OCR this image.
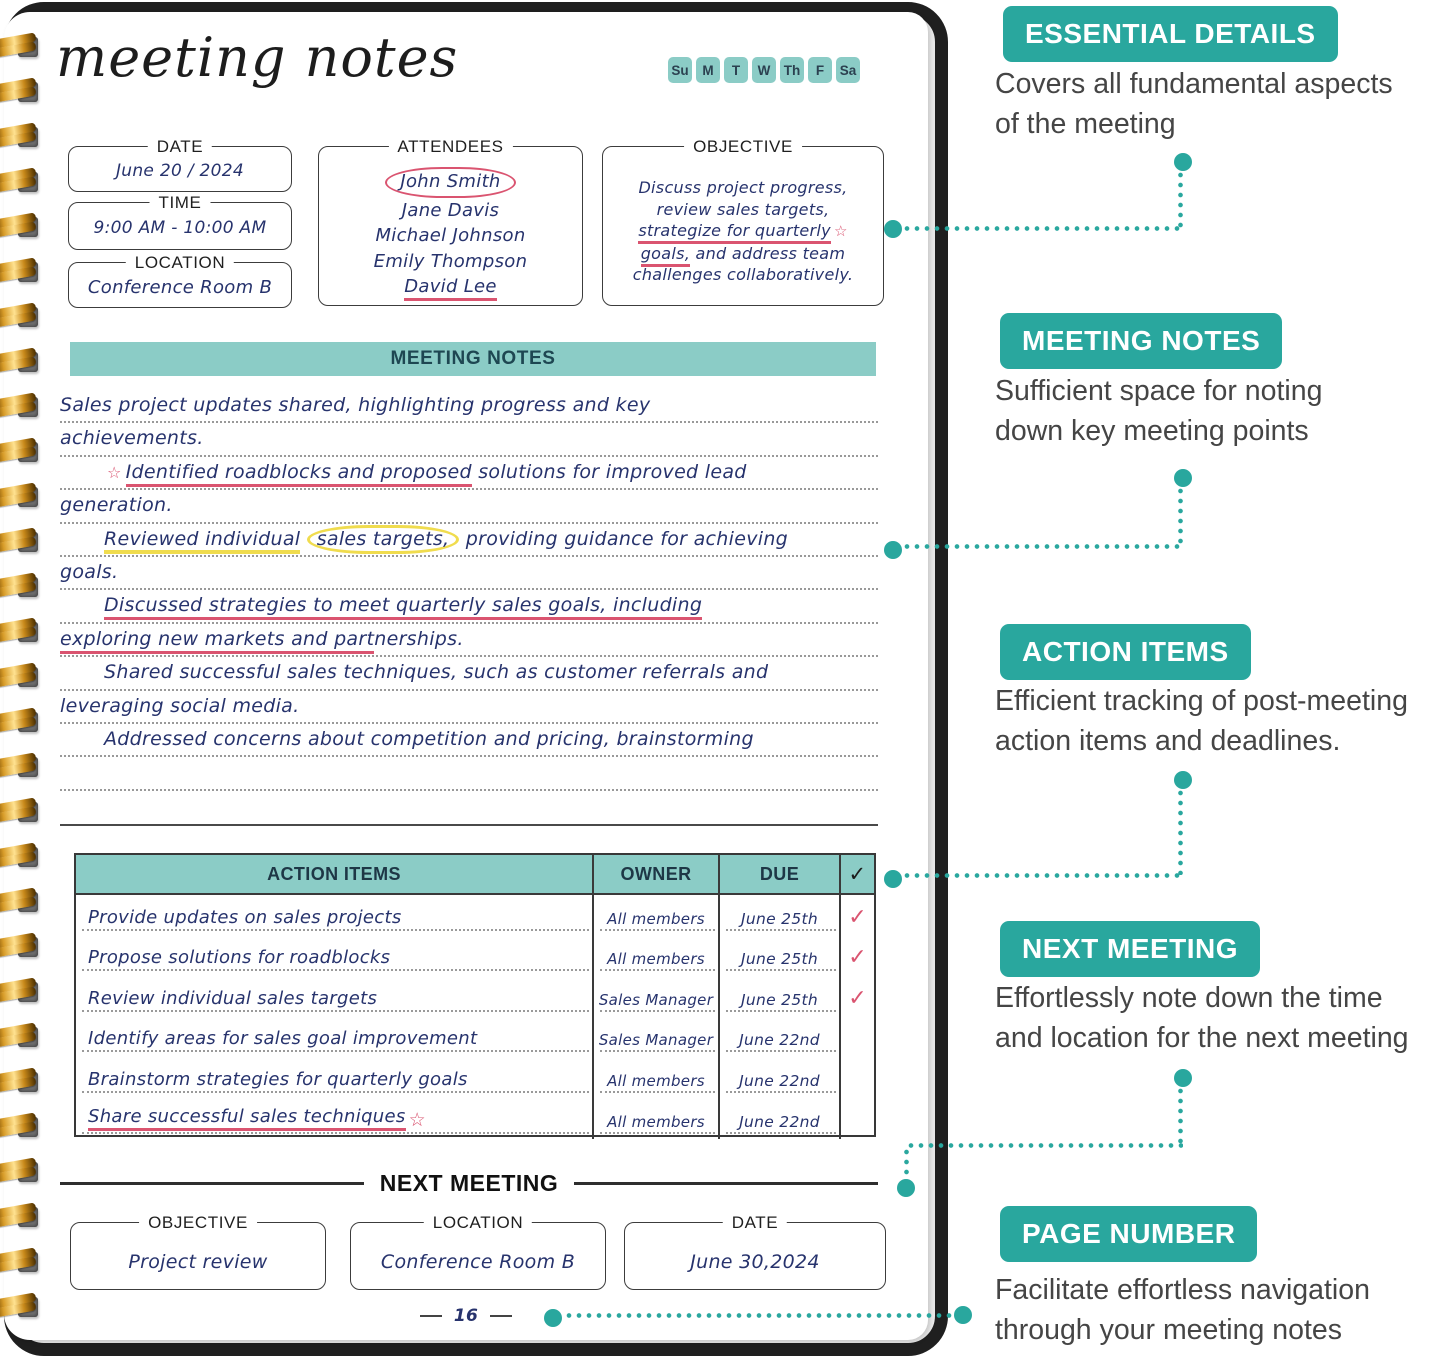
meeting notes	Su	M	T	W Th	F	Sa
DATE
June 20 / 2024
TIME
9:00 AM - 10:00 AM
LOCATION
Conference Room B
ATTENDEES
John Smith
Jane Davis
Michael Johnson
Emily Thompson
David Lee
OBJECTIVE
Discuss project progress,
review sales targets,
strategize for quarterly ☆
goals, and address team
challenges collaboratively.
MEETING NOTES
Sales project updates shared, highlighting progress and key
achievements.
☆ Identified roadblocks and proposed solutions for improved lead
generation.
Reviewed individual sales targets, providing guidance for achieving
goals.
Discussed strategies to meet quarterly sales goals, including
exploring new markets and partnerships.
Shared successful sales techniques, such as customer referrals and
leveraging social media.
Addressed concerns about competition and pricing, brainstorming
ACTION ITEMS	OWNER	DUE	✓
Provide updates on sales projects	All members	June 25th	✓
Propose solutions for roadblocks	All members	June 25th	✓
Review individual sales targets	Sales Manager	June 25th	✓
Identify areas for sales goal improvement	Sales Manager	June 22nd
Brainstorm strategies for quarterly goals	All members	June 22nd
Share successful sales techniques ☆	All members	June 22nd
NEXT MEETING
OBJECTIVE
Project review
LOCATION
Conference Room B
DATE
June 30,2024
16
ESSENTIAL DETAILS
Covers all fundamental aspects
of the meeting
MEETING NOTES
Sufficient space for noting
down key meeting points
ACTION ITEMS
Efficient tracking of post-meeting
action items and deadlines.
NEXT MEETING
Effortlessly note down the time
and location for the next meeting
PAGE NUMBER
Facilitate effortless navigation
through your meeting notes
